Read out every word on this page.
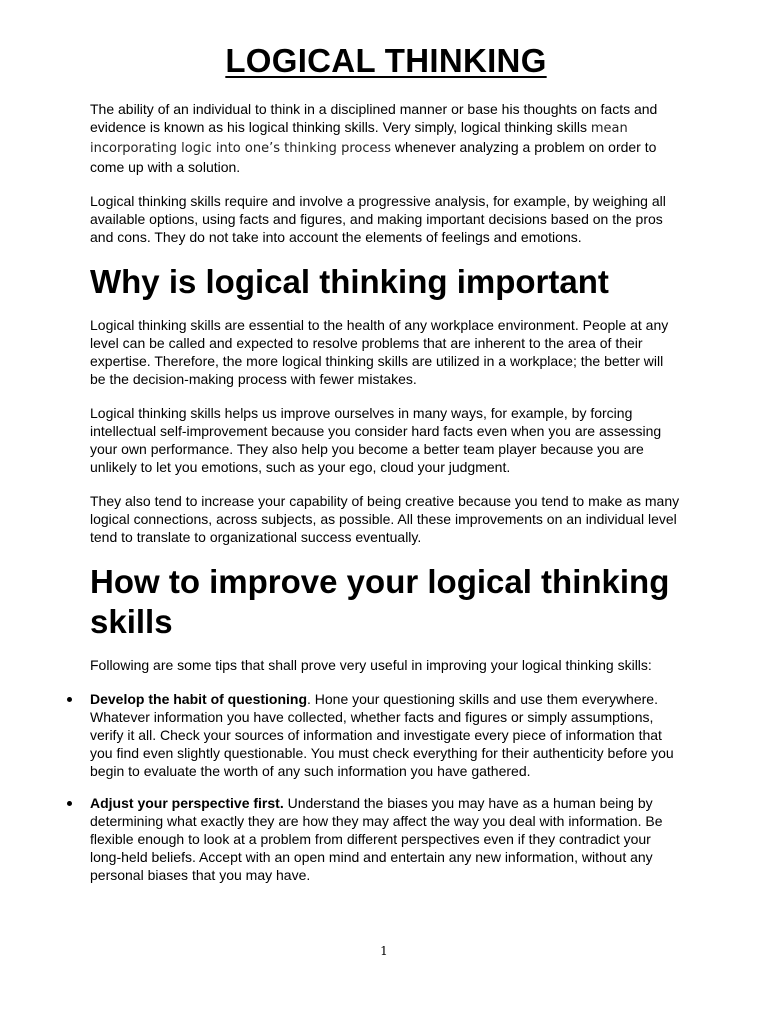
LOGICAL THINKING

The ability of an individual to think in a disciplined manner or base his thoughts on facts and evidence is known as his logical thinking skills. Very simply, logical thinking skills mean incorporating logic into one’s thinking process whenever analyzing a problem on order to come up with a solution.

Logical thinking skills require and involve a progressive analysis, for example, by weighing all available options, using facts and figures, and making important decisions based on the pros and cons. They do not take into account the elements of feelings and emotions.

Why is logical thinking important

Logical thinking skills are essential to the health of any workplace environment. People at any level can be called and expected to resolve problems that are inherent to the area of their expertise. Therefore, the more logical thinking skills are utilized in a workplace; the better will be the decision-making process with fewer mistakes.

Logical thinking skills helps us improve ourselves in many ways, for example, by forcing intellectual self-improvement because you consider hard facts even when you are assessing your own performance. They also help you become a better team player because you are unlikely to let you emotions, such as your ego, cloud your judgment.

They also tend to increase your capability of being creative because you tend to make as many logical connections, across subjects, as possible. All these improvements on an individual level tend to translate to organizational success eventually.

How to improve your logical thinking skills

Following are some tips that shall prove very useful in improving your logical thinking skills:

Develop the habit of questioning. Hone your questioning skills and use them everywhere. Whatever information you have collected, whether facts and figures or simply assumptions, verify it all. Check your sources of information and investigate every piece of information that you find even slightly questionable. You must check everything for their authenticity before you begin to evaluate the worth of any such information you have gathered.
Adjust your perspective first. Understand the biases you may have as a human being by determining what exactly they are how they may affect the way you deal with information. Be flexible enough to look at a problem from different perspectives even if they contradict your long-held beliefs. Accept with an open mind and entertain any new information, without any personal biases that you may have.
1
